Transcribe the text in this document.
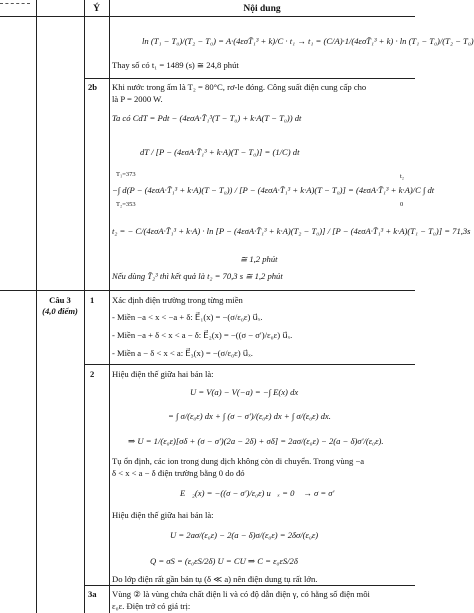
Ý	Nội dung
ln (T₁ − T₀)/(T₂ − T₀) = A·(4εσT̄₁³ + k)/C · t₁ → t₁ = (C/A)·1/(4εσT̄₁³ + k) · ln (T₁ − T₀)/(T₂ − T₀)
Thay số có t₁ = 1489 (s) ≅ 24,8 phút
2b Khi nước trong ấm là T₂ = 80°C, rơ-le đóng. Công suất điện cung cấp cho
là P = 2000 W.
Ta có CdT = Pdt − (4εσA·T̄₁³(T − T₀) + k·A(T − T₀)) dt
dT / [P − (4εσA·T̄₁³ + k·A)(T − T₀)] = (1/C) dt
T₁=373
−∫ d(P − (4εσA·T̄₁³ + k·A)(T − T₀)) / [P − (4εσA·T̄₁³ + k·A)(T − T₀)] = (4εσA·T̄₁³ + k·A)/C ∫ dt
T₂=353
t₂
0
t₂ = − C/(4εσA·T̄₁³ + k·A) · ln [P − (4εσA·T̄₁³ + k·A)(T₂ − T₀)] / [P − (4εσA·T̄₁³ + k·A)(T₁ − T₀)] = 71,3s
≅ 1,2 phút
Nếu dùng T̄₂³ thì kết quả là t₂ = 70,3 s ≅ 1,2 phút
Câu 3
(4,0 điểm)
1 Xác định điện trường trong từng miền
- Miền −a < x < −a + δ: E⃗₁(x) = −(σ/ε₀ε) u⃗ₓ.
- Miền −a + δ < x < a − δ: E⃗₂(x) = −((σ − σ′)/ε₀ε) u⃗ₓ.
- Miền a − δ < x < a: E⃗₃(x) = −(σ/ε₀ε) u⃗ₓ.
2 Hiệu điện thế giữa hai bản là:
U = V(a) − V(−a) = −∫ E(x) dx
= ∫ σ/(ε₀ε) dx + ∫ (σ − σ′)/(ε₀ε) dx + ∫ σ/(ε₀ε) dx.
⇒ U = 1/(ε₀ε)[σδ + (σ − σ′)(2a − 2δ) + σδ] = 2aσ/(ε₀ε) − 2(a − δ)σ′/(ε₀ε).
Tụ ổn định, các ion trong dung dịch không còn di chuyển. Trong vùng −a
δ < x < a − δ điện trường bằng 0 do đó
E⃗₂(x) = −((σ − σ′)/ε₀ε) u⃗ₓ = 0⃗ → σ = σ′
Hiệu điện thế giữa hai bản là:
U = 2aσ/(ε₀ε) − 2(a − δ)σ/(ε₀ε) = 2δσ/(ε₀ε)
Q = σS = (ε₀εS/2δ) U = CU ⇒ C = ε₀εS/2δ
Do lớp điện rất gần bản tụ (δ ≪ a) nên điện dung tụ rất lớn.
3a Vùng ② là vùng chứa chất điện li và có độ dẫn điện γ, có hằng số điện môi
ε₀ε. Điện trở có giá trị:
